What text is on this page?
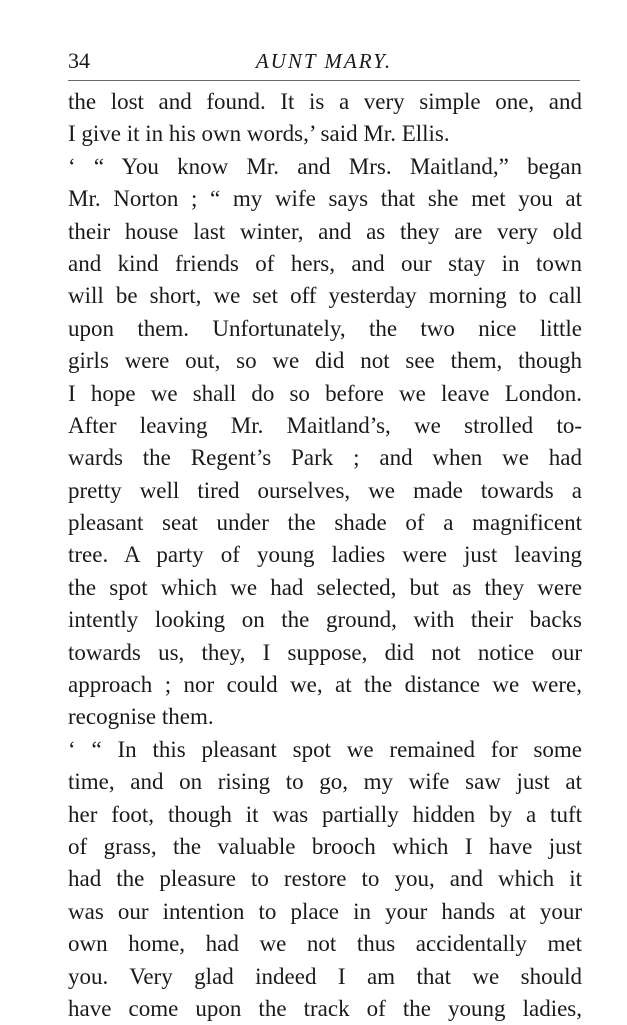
34	AUNT MARY.
the lost and found. It is a very simple one, and
I give it in his own words,’ said Mr. Ellis.
‘ “ You know Mr. and Mrs. Maitland,” began
Mr. Norton ; “ my wife says that she met you at
their house last winter, and as they are very old
and kind friends of hers, and our stay in town
will be short, we set off yesterday morning to call
upon them. Unfortunately, the two nice little
girls were out, so we did not see them, though
I hope we shall do so before we leave London.
After leaving Mr. Maitland’s, we strolled to-
wards the Regent’s Park ; and when we had
pretty well tired ourselves, we made towards a
pleasant seat under the shade of a magnificent
tree. A party of young ladies were just leaving
the spot which we had selected, but as they were
intently looking on the ground, with their backs
towards us, they, I suppose, did not notice our
approach ; nor could we, at the distance we were,
recognise them.
‘ “ In this pleasant spot we remained for some
time, and on rising to go, my wife saw just at
her foot, though it was partially hidden by a tuft
of grass, the valuable brooch which I have just
had the pleasure to restore to you, and which it
was our intention to place in your hands at your
own home, had we not thus accidentally met
you. Very glad indeed I am that we should
have come upon the track of the young ladies,
